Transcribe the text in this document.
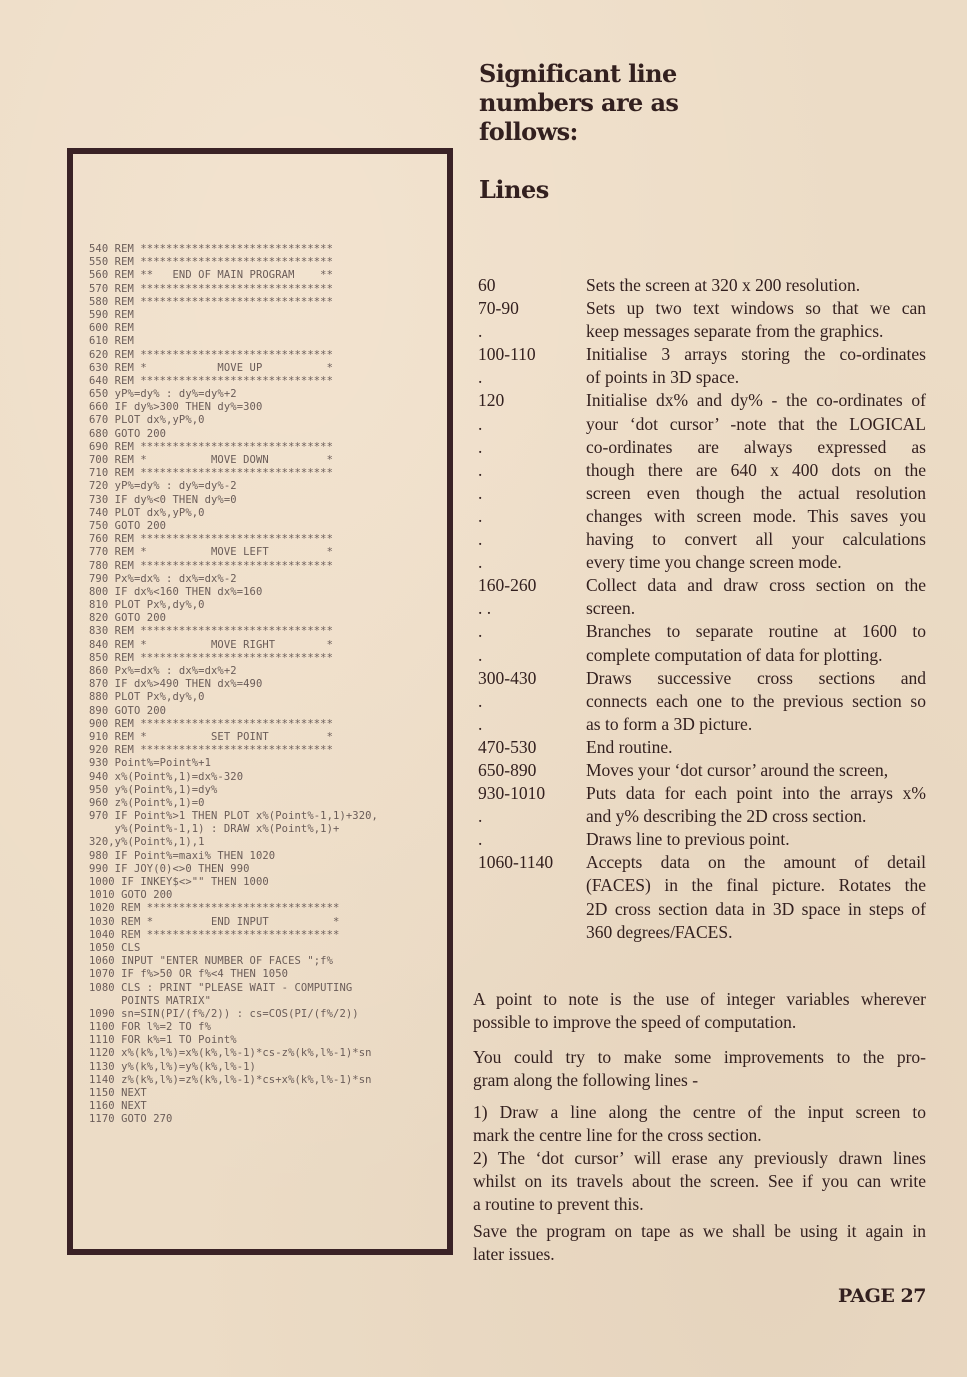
540 REM ******************************
550 REM ******************************
560 REM **   END OF MAIN PROGRAM    **
570 REM ******************************
580 REM ******************************
590 REM
600 REM
610 REM
620 REM ******************************
630 REM *           MOVE UP          *
640 REM ******************************
650 yP%=dy% : dy%=dy%+2
660 IF dy%>300 THEN dy%=300
670 PLOT dx%,yP%,0
680 GOTO 200
690 REM ******************************
700 REM *          MOVE DOWN         *
710 REM ******************************
720 yP%=dy% : dy%=dy%-2
730 IF dy%<0 THEN dy%=0
740 PLOT dx%,yP%,0
750 GOTO 200
760 REM ******************************
770 REM *          MOVE LEFT         *
780 REM ******************************
790 Px%=dx% : dx%=dx%-2
800 IF dx%<160 THEN dx%=160
810 PLOT Px%,dy%,0
820 GOTO 200
830 REM ******************************
840 REM *          MOVE RIGHT        *
850 REM ******************************
860 Px%=dx% : dx%=dx%+2
870 IF dx%>490 THEN dx%=490
880 PLOT Px%,dy%,0
890 GOTO 200
900 REM ******************************
910 REM *          SET POINT         *
920 REM ******************************
930 Point%=Point%+1
940 x%(Point%,1)=dx%-320
950 y%(Point%,1)=dy%
960 z%(Point%,1)=0
970 IF Point%>1 THEN PLOT x%(Point%-1,1)+320,
y%(Point%-1,1) : DRAW x%(Point%,1)+
320,y%(Point%,1),1
980 IF Point%=maxi% THEN 1020
990 IF JOY(0)<>0 THEN 990
1000 IF INKEY$<>"" THEN 1000
1010 GOTO 200
1020 REM ******************************
1030 REM *         END INPUT          *
1040 REM ******************************
1050 CLS
1060 INPUT "ENTER NUMBER OF FACES ";f%
1070 IF f%>50 OR f%<4 THEN 1050
1080 CLS : PRINT "PLEASE WAIT - COMPUTING
POINTS MATRIX"
1090 sn=SIN(PI/(f%/2)) : cs=COS(PI/(f%/2))
1100 FOR l%=2 TO f%
1110 FOR k%=1 TO Point%
1120 x%(k%,l%)=x%(k%,l%-1)*cs-z%(k%,l%-1)*sn
1130 y%(k%,l%)=y%(k%,l%-1)
1140 z%(k%,l%)=z%(k%,l%-1)*cs+x%(k%,l%-1)*sn
1150 NEXT
1160 NEXT
1170 GOTO 270
Significant line
numbers are as
follows:
Lines
60	Sets the screen at 320 x 200 resolution.
70-90	Sets up two text windows so that we can
.	keep messages separate from the graphics.
100-110	Initialise 3 arrays storing the co-ordinates
.	of points in 3D space.
120	Initialise dx% and dy% - the co-ordinates of
.	your ‘dot cursor’ -note that the LOGICAL
.	co-ordinates are always expressed as
.	though there are 640 x 400 dots on the
.	screen even though the actual resolution
.	changes with screen mode. This saves you
.	having to convert all your calculations
.	every time you change screen mode.
160-260	Collect data and draw cross section on the
. .	screen.
.	Branches to separate routine at 1600 to
.	complete computation of data for plotting.
300-430	Draws successive cross sections and
.	connects each one to the previous section so
.	as to form a 3D picture.
470-530	End routine.
650-890	Moves your ‘dot cursor’ around the screen,
930-1010	Puts data for each point into the arrays x%
.	and y% describing the 2D cross section.
.	Draws line to previous point.
1060-1140	Accepts data on the amount of detail
(FACES) in the final picture. Rotates the
2D cross section data in 3D space in steps of
360 degrees/FACES.
A point to note is the use of integer variables wherever
possible to improve the speed of computation.
You could try to make some improvements to the pro-
gram along the following lines -
1) Draw a line along the centre of the input screen to
mark the centre line for the cross section.
2) The ‘dot cursor’ will erase any previously drawn lines
whilst on its travels about the screen. See if you can write
a routine to prevent this.
Save the program on tape as we shall be using it again in
later issues.
PAGE 27
